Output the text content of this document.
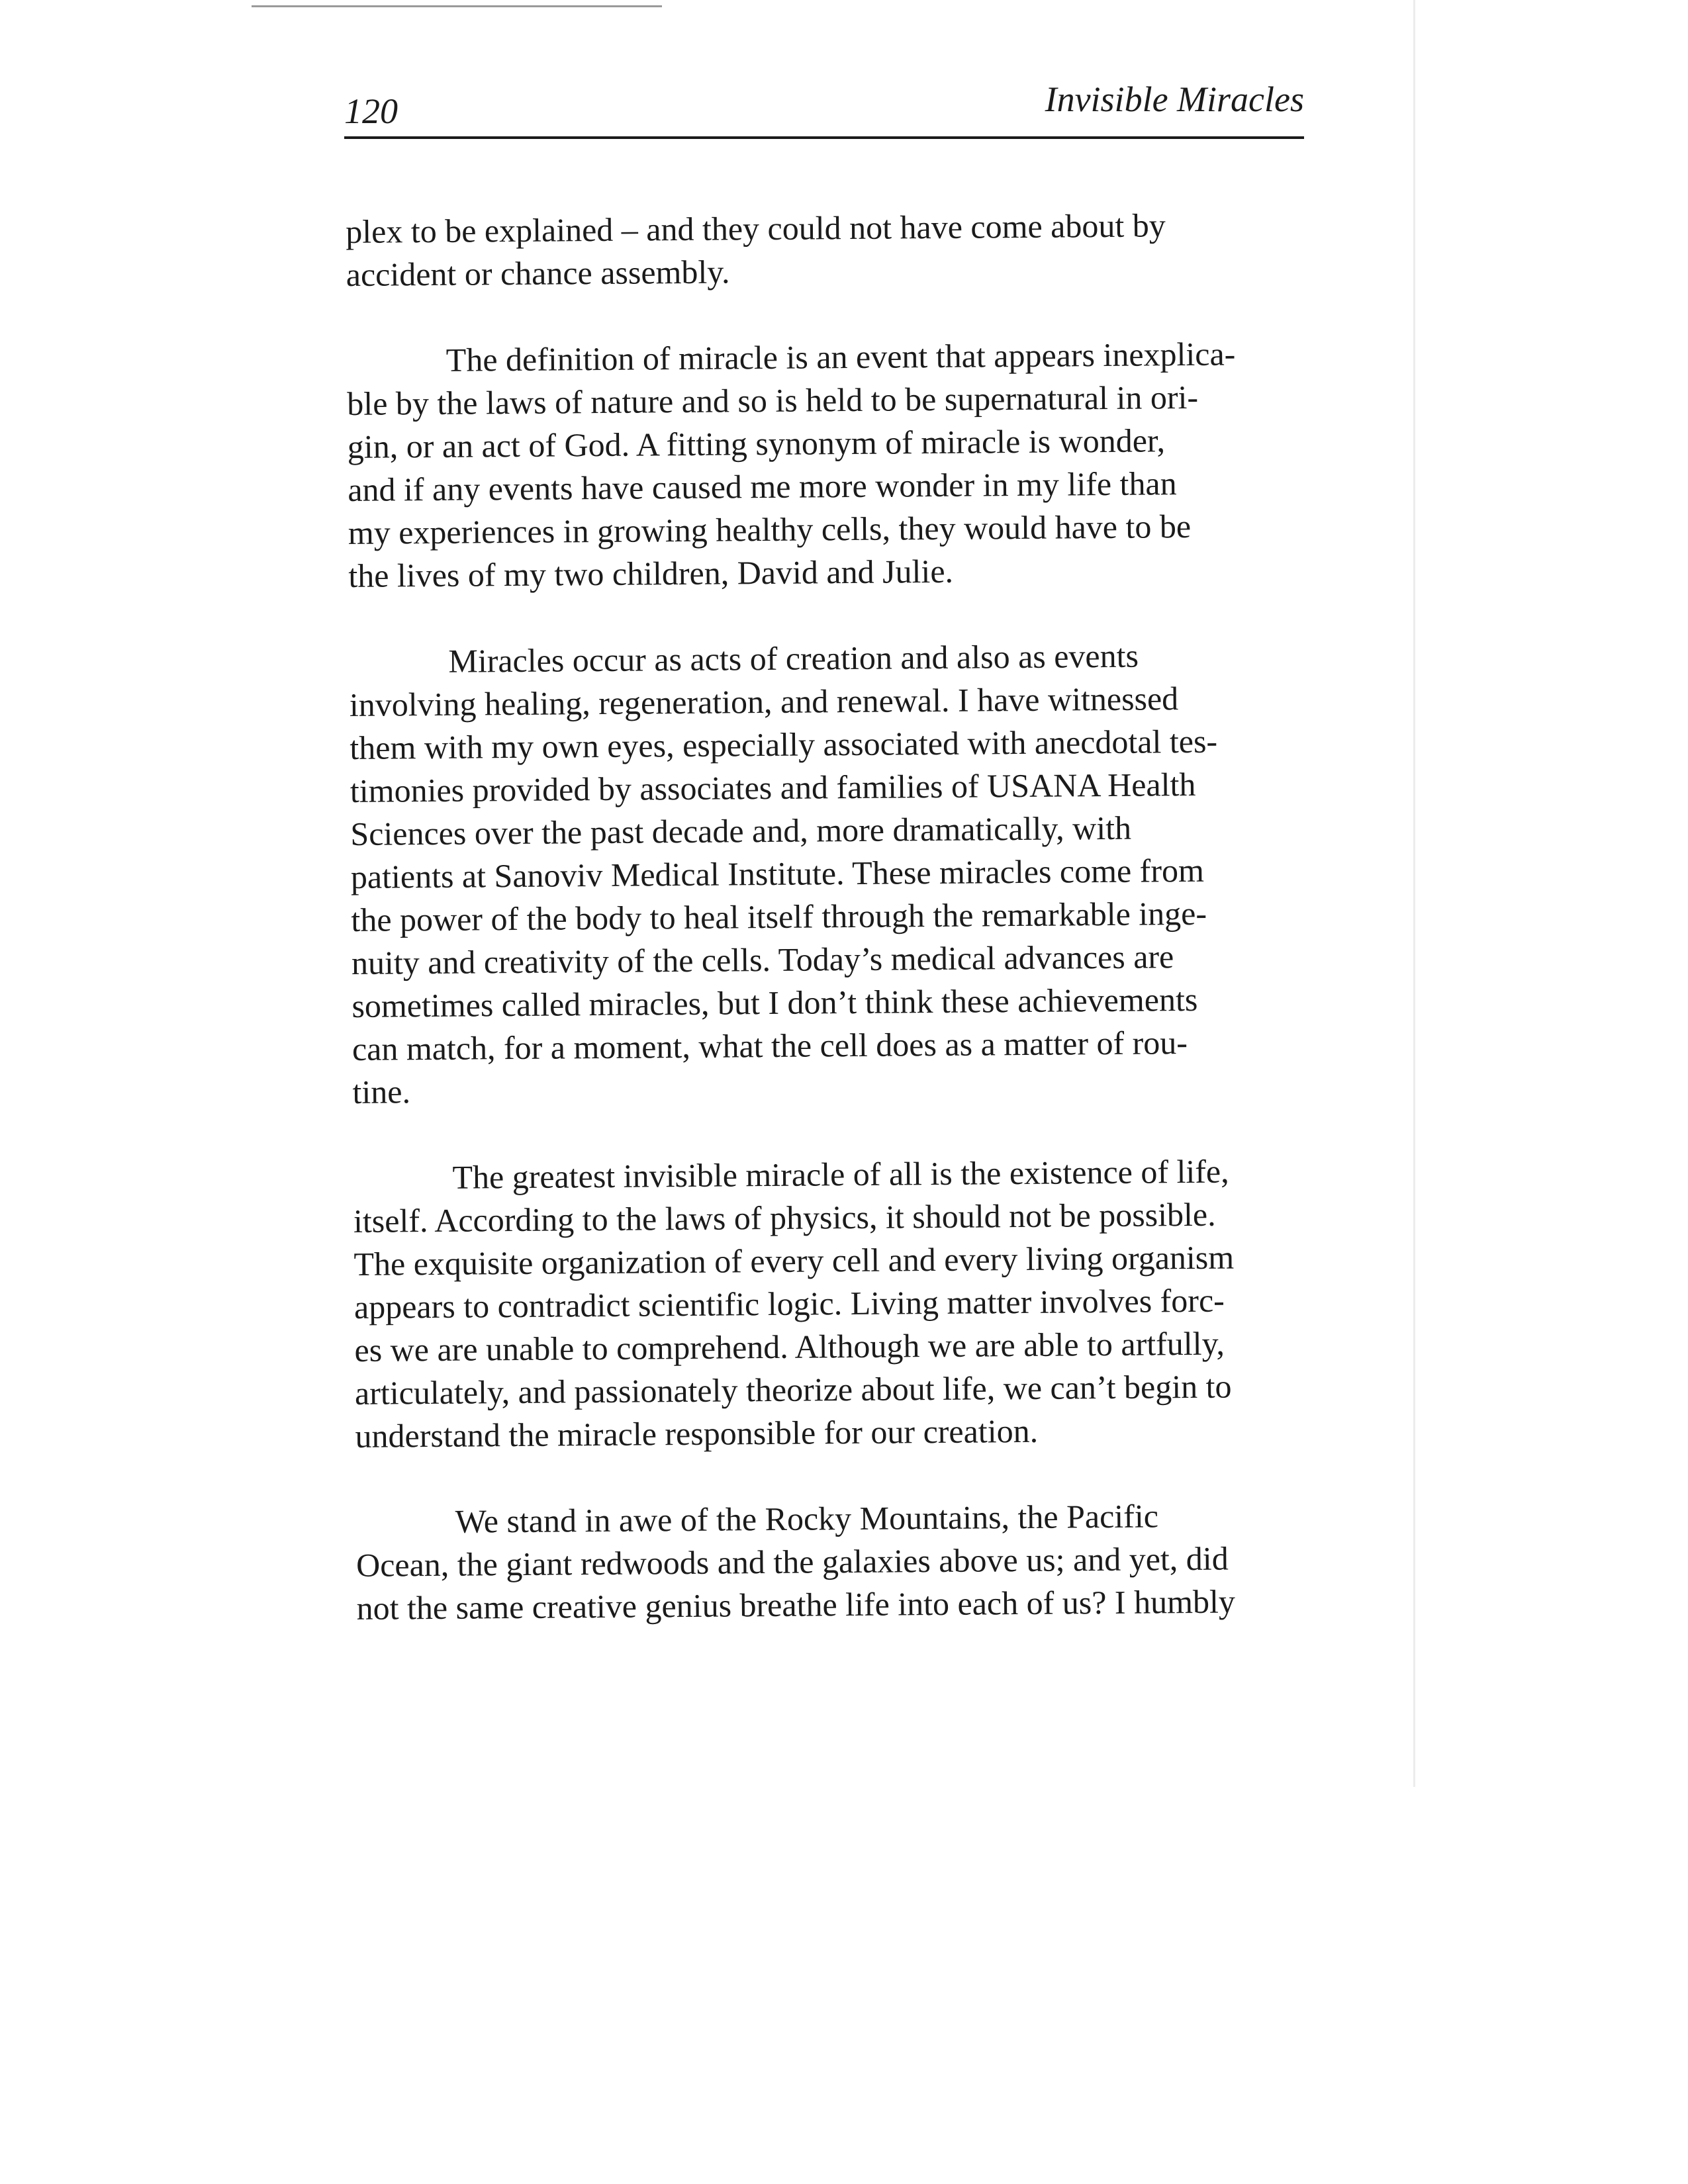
120	Invisible Miracles

plex to be explained – and they could not have come about by
accident or chance assembly.

The definition of miracle is an event that appears inexplica-
ble by the laws of nature and so is held to be supernatural in ori-
gin, or an act of God. A fitting synonym of miracle is wonder,
and if any events have caused me more wonder in my life than
my experiences in growing healthy cells, they would have to be
the lives of my two children, David and Julie.

Miracles occur as acts of creation and also as events
involving healing, regeneration, and renewal. I have witnessed
them with my own eyes, especially associated with anecdotal tes-
timonies provided by associates and families of USANA Health
Sciences over the past decade and, more dramatically, with
patients at Sanoviv Medical Institute. These miracles come from
the power of the body to heal itself through the remarkable inge-
nuity and creativity of the cells. Today’s medical advances are
sometimes called miracles, but I don’t think these achievements
can match, for a moment, what the cell does as a matter of rou-
tine.

The greatest invisible miracle of all is the existence of life,
itself. According to the laws of physics, it should not be possible.
The exquisite organization of every cell and every living organism
appears to contradict scientific logic. Living matter involves forc-
es we are unable to comprehend. Although we are able to artfully,
articulately, and passionately theorize about life, we can’t begin to
understand the miracle responsible for our creation.

We stand in awe of the Rocky Mountains, the Pacific
Ocean, the giant redwoods and the galaxies above us; and yet, did
not the same creative genius breathe life into each of us? I humbly
